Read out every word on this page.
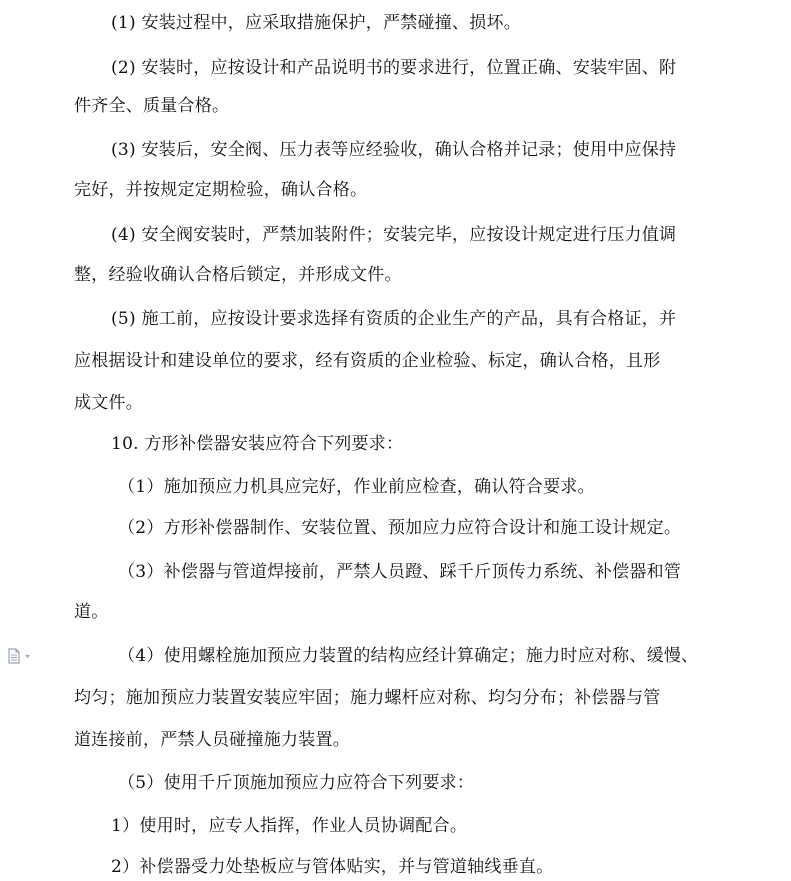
(1) 安装过程中，应采取措施保护，严禁碰撞、损坏。
(2) 安装时，应按设计和产品说明书的要求进行，位置正确、安装牢固、附
件齐全、质量合格。
(3) 安装后，安全阀、压力表等应经验收，确认合格并记录；使用中应保持
完好，并按规定定期检验，确认合格。
(4) 安全阀安装时，严禁加装附件；安装完毕，应按设计规定进行压力值调
整，经验收确认合格后锁定，并形成文件。
(5) 施工前，应按设计要求选择有资质的企业生产的产品，具有合格证，并
应根据设计和建设单位的要求，经有资质的企业检验、标定，确认合格，且形
成文件。
10. 方形补偿器安装应符合下列要求：
（1）施加预应力机具应完好，作业前应检查，确认符合要求。
（2）方形补偿器制作、安装位置、预加应力应符合设计和施工设计规定。
（3）补偿器与管道焊接前，严禁人员蹬、踩千斤顶传力系统、补偿器和管
道。
（4）使用螺栓施加预应力装置的结构应经计算确定；施力时应对称、缓慢、
均匀；施加预应力装置安装应牢固；施力螺杆应对称、均匀分布；补偿器与管
道连接前，严禁人员碰撞施力装置。
（5）使用千斤顶施加预应力应符合下列要求：
1）使用时，应专人指挥，作业人员协调配合。
2）补偿器受力处垫板应与管体贴实，并与管道轴线垂直。
